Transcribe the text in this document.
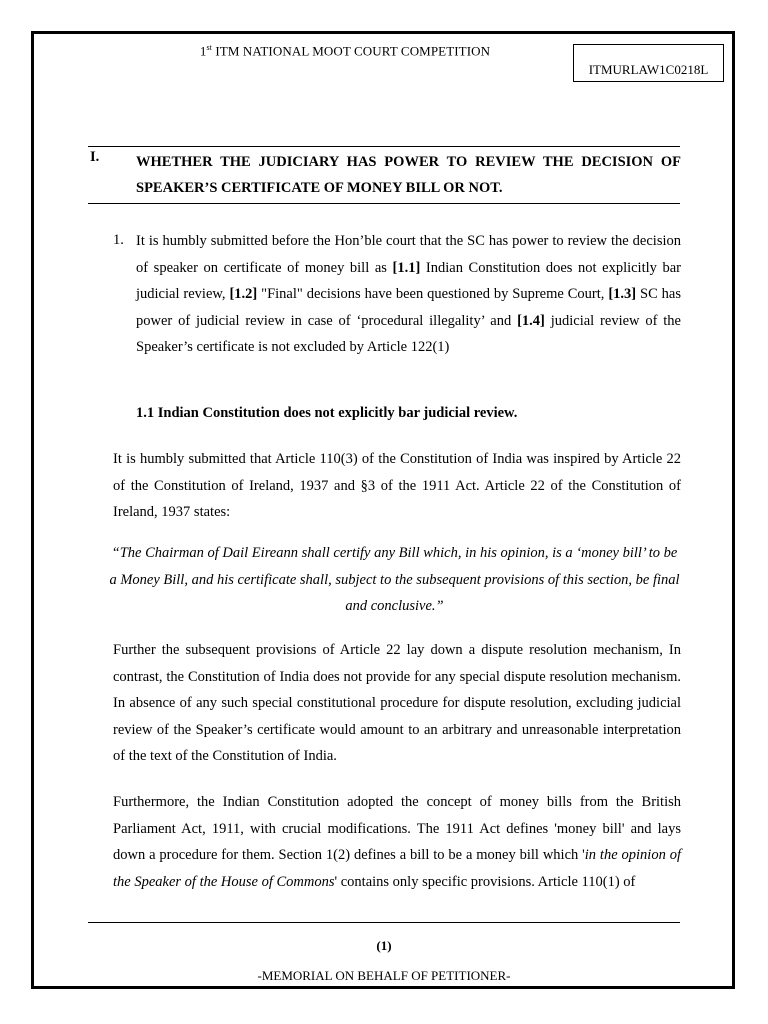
1st ITM NATIONAL MOOT COURT COMPETITION
ITMURLAW1C0218L
I.	WHETHER THE JUDICIARY HAS POWER TO REVIEW THE DECISION OF SPEAKER’S CERTIFICATE OF MONEY BILL OR NOT.
1. It is humbly submitted before the Hon’ble court that the SC has power to review the decision of speaker on certificate of money bill as [1.1] Indian Constitution does not explicitly bar judicial review, [1.2] "Final" decisions have been questioned by Supreme Court, [1.3] SC has power of judicial review in case of ‘procedural illegality’ and [1.4] judicial review of the Speaker’s certificate is not excluded by Article 122(1)
1.1 Indian Constitution does not explicitly bar judicial review.
It is humbly submitted that Article 110(3) of the Constitution of India was inspired by Article 22 of the Constitution of Ireland, 1937 and §3 of the 1911 Act. Article 22 of the Constitution of Ireland, 1937 states:
“The Chairman of Dail Eireann shall certify any Bill which, in his opinion, is a ‘money bill’ to be a Money Bill, and his certificate shall, subject to the subsequent provisions of this section, be final and conclusive.”
Further the subsequent provisions of Article 22 lay down a dispute resolution mechanism, In contrast, the Constitution of India does not provide for any special dispute resolution mechanism. In absence of any such special constitutional procedure for dispute resolution, excluding judicial review of the Speaker’s certificate would amount to an arbitrary and unreasonable interpretation of the text of the Constitution of India.
Furthermore, the Indian Constitution adopted the concept of money bills from the British Parliament Act, 1911, with crucial modifications. The 1911 Act defines 'money bill' and lays down a procedure for them. Section 1(2) defines a bill to be a money bill which 'in the opinion of the Speaker of the House of Commons' contains only specific provisions. Article 110(1) of
(1)
-MEMORIAL ON BEHALF OF PETITIONER-
